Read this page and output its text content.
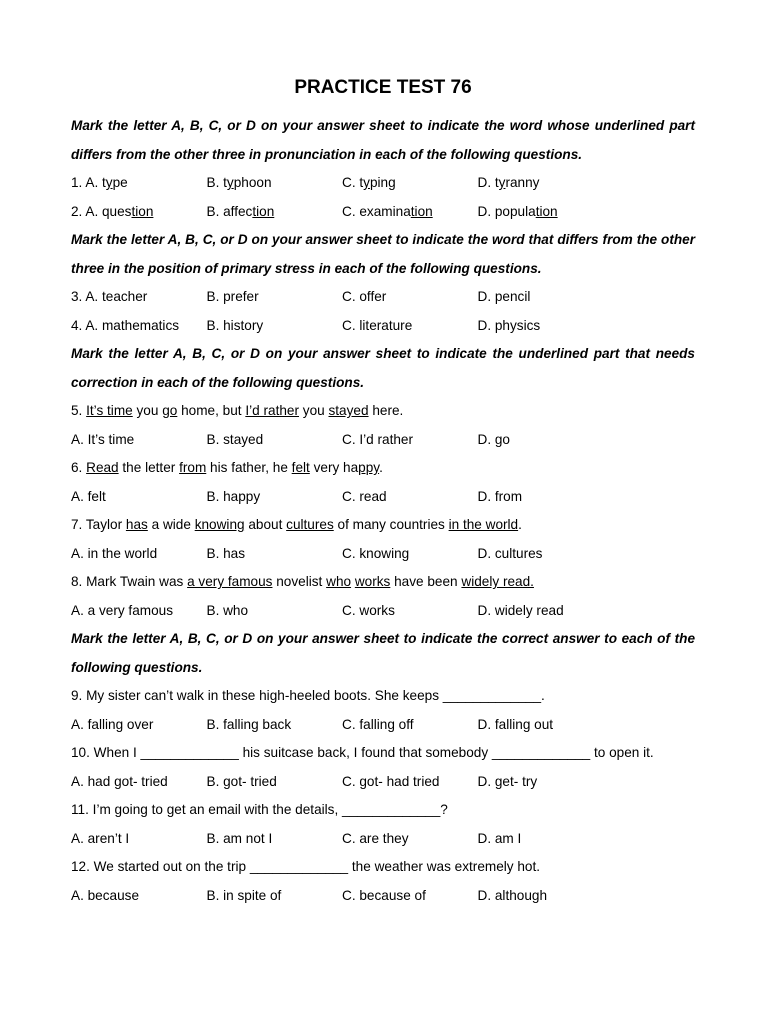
PRACTICE TEST 76

Mark the letter A, B, C, or D on your answer sheet to indicate the word whose underlined part differs from the other three in pronunciation in each of the following questions.

1. A. type	B. typhoon	C. typing	D. tyranny
2. A. question	B. affection	C. examination	D. population

Mark the letter A, B, C, or D on your answer sheet to indicate the word that differs from the other three in the position of primary stress in each of the following questions.

3. A. teacher	B. prefer	C. offer	D. pencil
4. A. mathematics	B. history	C. literature	D. physics

Mark the letter A, B, C, or D on your answer sheet to indicate the underlined part that needs correction in each of the following questions.

5. It’s time you go home, but I’d rather you stayed here.
A. It’s time	B. stayed	C. I’d rather	D. go
6. Read the letter from his father, he felt very happy.
A. felt	B. happy	C. read	D. from
7. Taylor has a wide knowing about cultures of many countries in the world.
A. in the world	B. has	C. knowing	D. cultures
8. Mark Twain was a very famous novelist who works have been widely read.
A. a very famous	B. who	C. works	D. widely read

Mark the letter A, B, C, or D on your answer sheet to indicate the correct answer to each of the following questions.

9. My sister can’t walk in these high-heeled boots. She keeps _____________.
A. falling over	B. falling back	C. falling off	D. falling out
10. When I _____________ his suitcase back, I found that somebody _____________ to open it.
A. had got- tried	B. got- tried	C. got- had tried	D. get- try
11. I’m going to get an email with the details, _____________?
A. aren’t I	B. am not I	C. are they	D. am I
12. We started out on the trip _____________ the weather was extremely hot.
A. because	B. in spite of	C. because of	D. although
